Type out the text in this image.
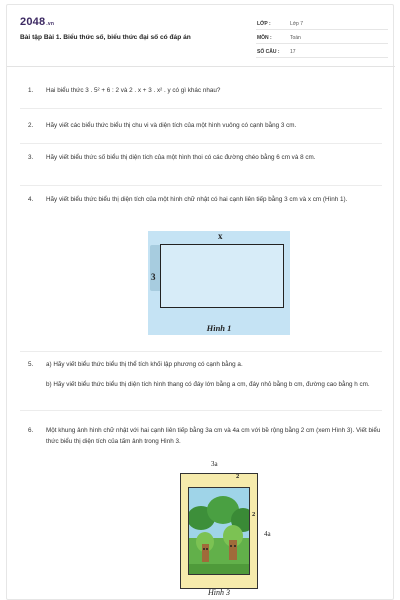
2048.vn
Bài tập Bài 1. Biểu thức số, biểu thức đại số có đáp án
LỚP :	Lớp 7
MÔN :	Toán
SỐ CÂU : 17
1. Hai biểu thức 3 . 5² + 6 : 2 và 2 . x + 3 . x² . y có gì khác nhau?
2. Hãy viết các biểu thức biểu thị chu vi và diện tích của một hình vuông có cạnh bằng 3 cm.
3. Hãy viết biểu thức số biểu thị diện tích của một hình thoi có các đường chéo bằng 6 cm và 8 cm.
4. Hãy viết biểu thức biểu thị diện tích của một hình chữ nhật có hai cạnh liên tiếp bằng 3 cm và x cm (Hình 1).
x
3
Hình 1
5. a) Hãy viết biểu thức biểu thị thể tích khối lập phương có cạnh bằng a.
b) Hãy viết biểu thức biểu thị diện tích hình thang có đáy lớn bằng a cm, đáy nhỏ bằng b cm, đường cao bằng h cm.
6. Một khung ảnh hình chữ nhật với hai cạnh liên tiếp bằng 3a cm và 4a cm với bề rộng bằng 2 cm (xem Hình 3). Viết biểu thức biểu thị diện tích của tấm ảnh trong Hình 3.
3a
2
2
4a
Hình 3
